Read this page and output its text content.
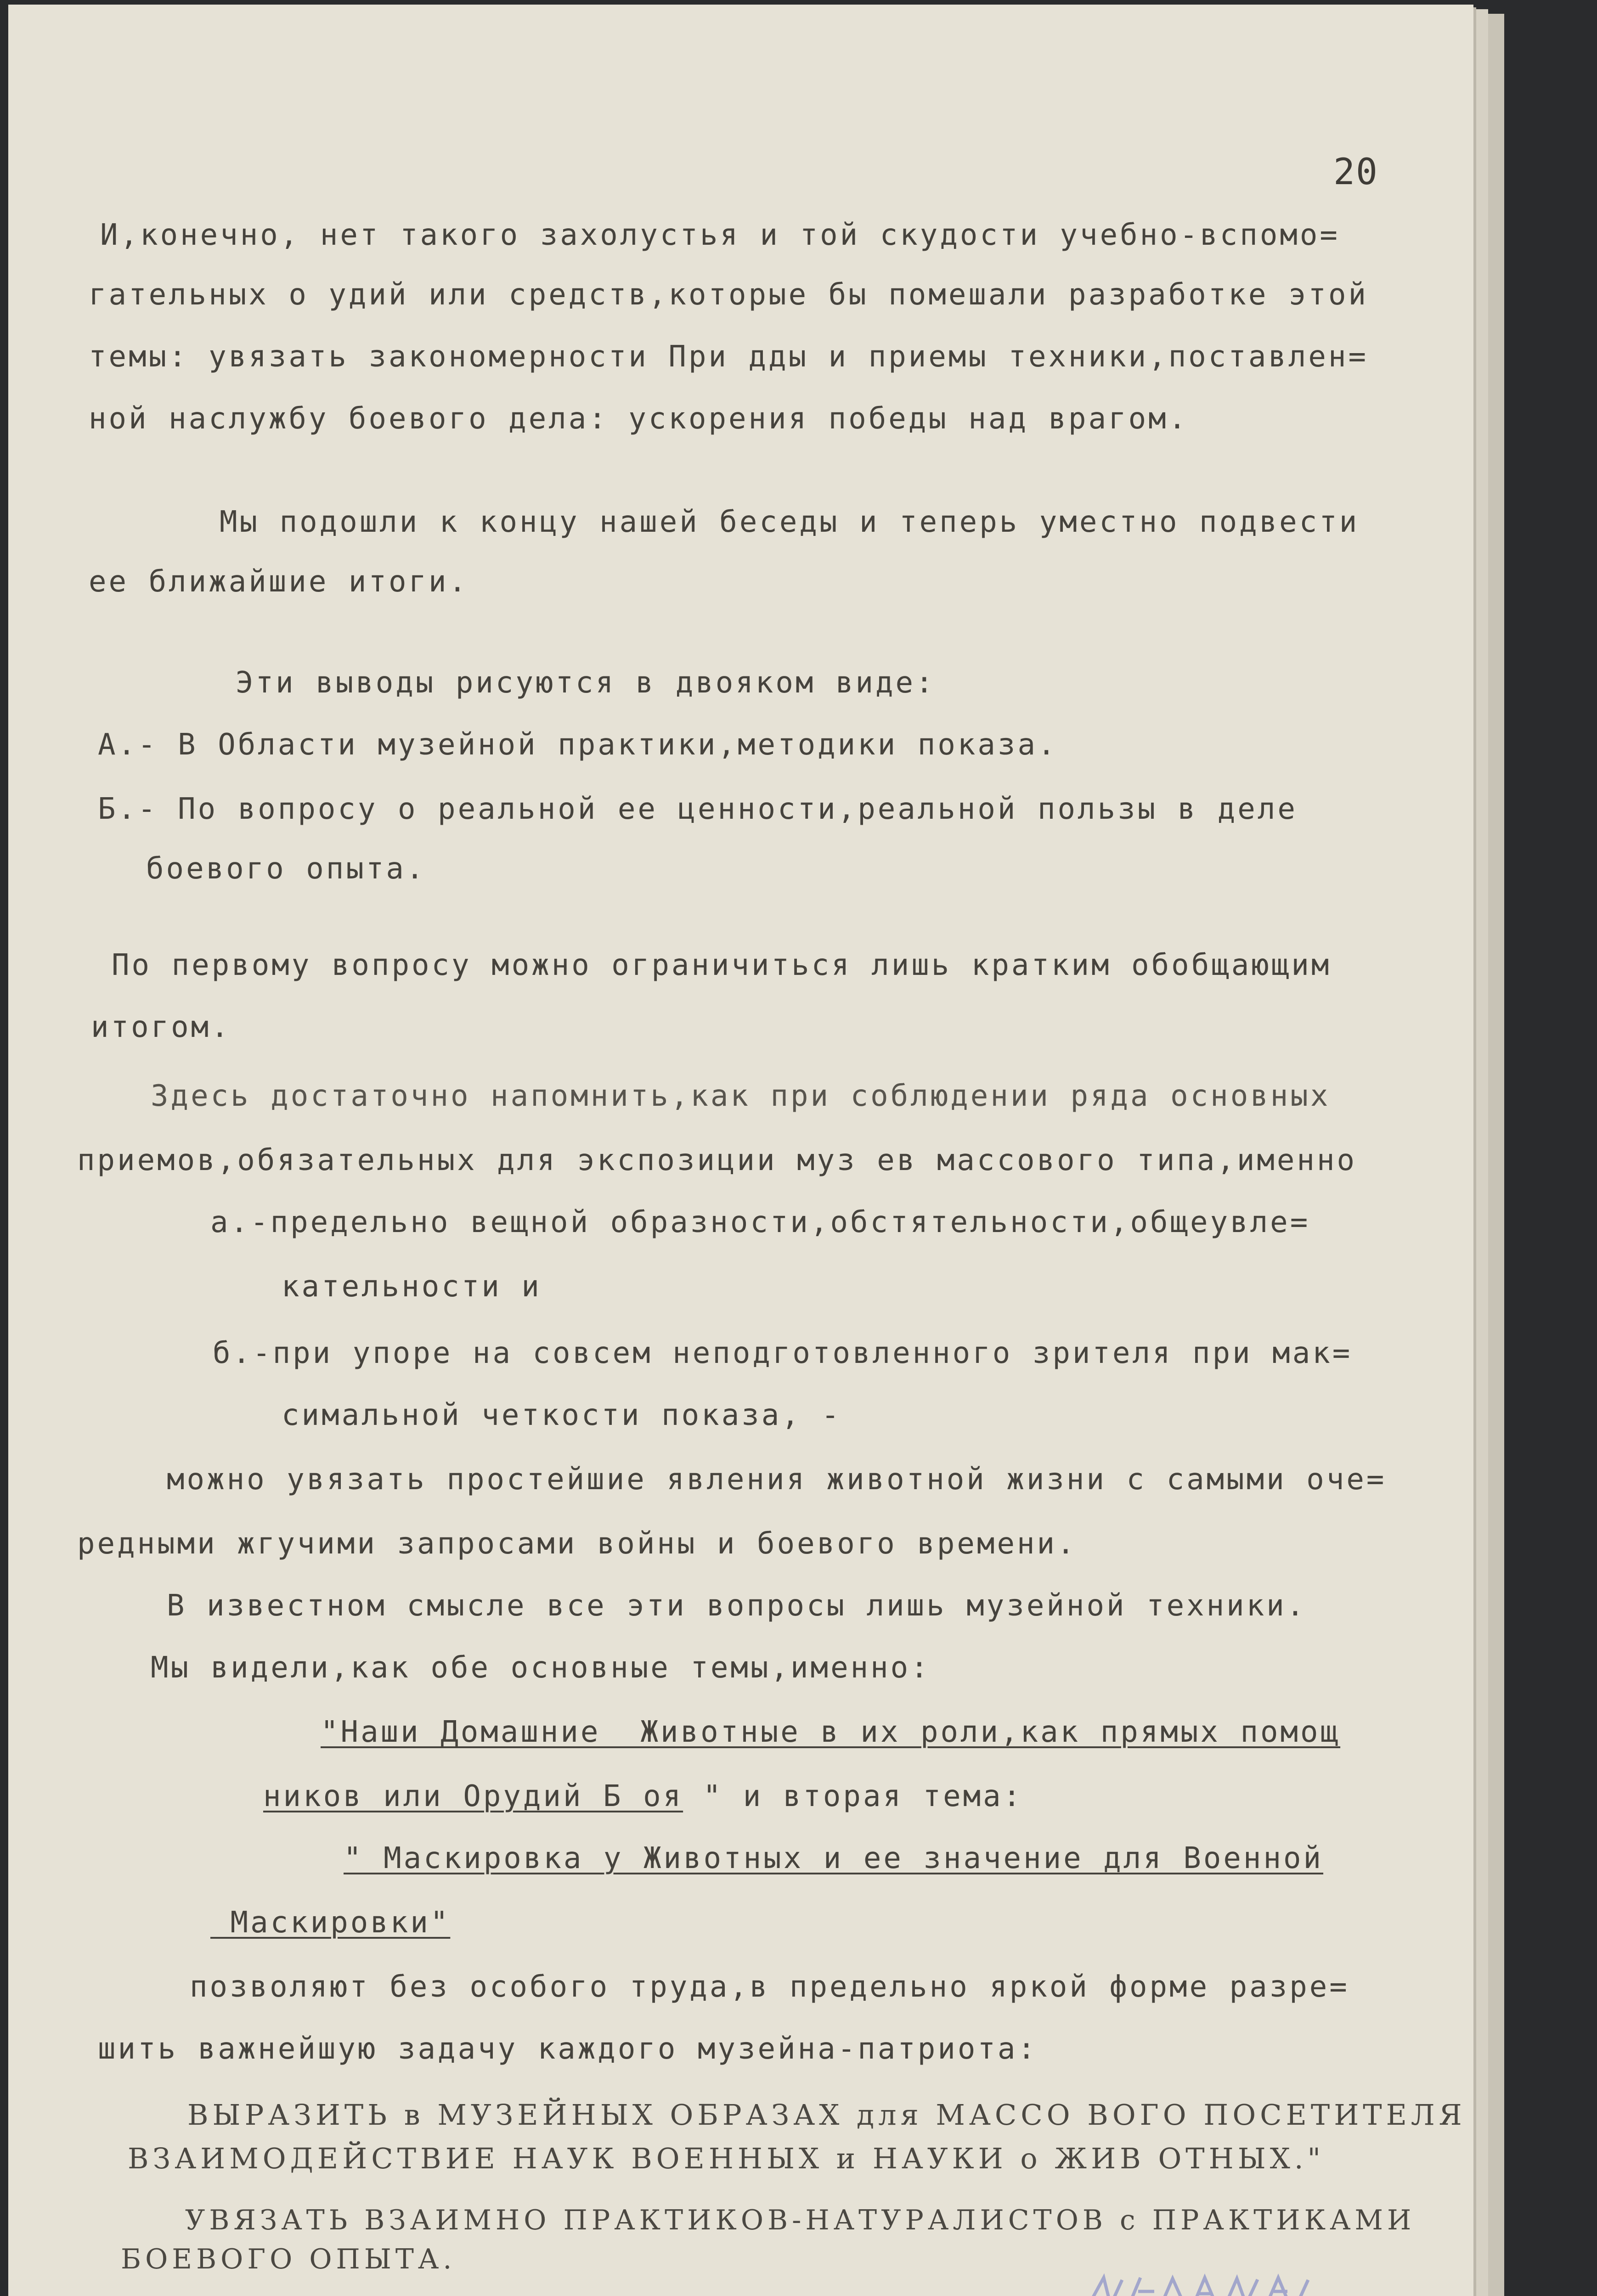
20
И,конечно, нет такого захолустья и той скудости учебно-вспомо=
гательных о удий или средств,которые бы помешали разработке этой
темы: увязать закономерности При дды и приемы техники,поставлен=
ной наслужбу боевого дела: ускорения победы над врагом.
Мы подошли к концу нашей беседы и теперь уместно подвести
ее ближайшие итоги.
Эти выводы рисуются в двояком виде:
А.- В Области музейной практики,методики показа.
Б.- По вопросу о реальной ее ценности,реальной пользы в деле
боевого опыта.
По первому вопросу можно ограничиться лишь кратким обобщающим
итогом.
Здесь достаточно напомнить,как при соблюдении ряда основных
приемов,обязательных для экспозиции муз ев массового типа,именно
а.-предельно вещной образности,обстятельности,общеувле=
кательности и
б.-при упоре на совсем неподготовленного зрителя при мак=
симальной четкости показа, -
можно увязать простейшие явления животной жизни с самыми оче=
редными жгучими запросами войны и боевого времени.
В известном смысле все эти вопросы лишь музейной техники.
Мы видели,как обе основные темы,именно:
"Наши Домашние  Животные в их роли,как прямых помощ
ников или Орудий Б оя " и вторая тема:
" Маскировка у Животных и ее значение для Военной
Маскировки"
позволяют без особого труда,в предельно яркой форме разре=
шить важнейшую задачу каждого музейна-патриота:
ВЫРАЗИТЬ в МУЗЕЙНЫХ ОБРАЗАХ для МАССО ВОГО ПОСЕТИТЕЛЯ
ВЗАИМОДЕЙСТВИЕ НАУК ВОЕННЫХ и НАУКИ о ЖИВ ОТНЫХ."
УВЯЗАТЬ ВЗАИМНО ПРАКТИКОВ-НАТУРАЛИСТОВ с ПРАКТИКАМИ
БОЕВОГО ОПЫТА.
